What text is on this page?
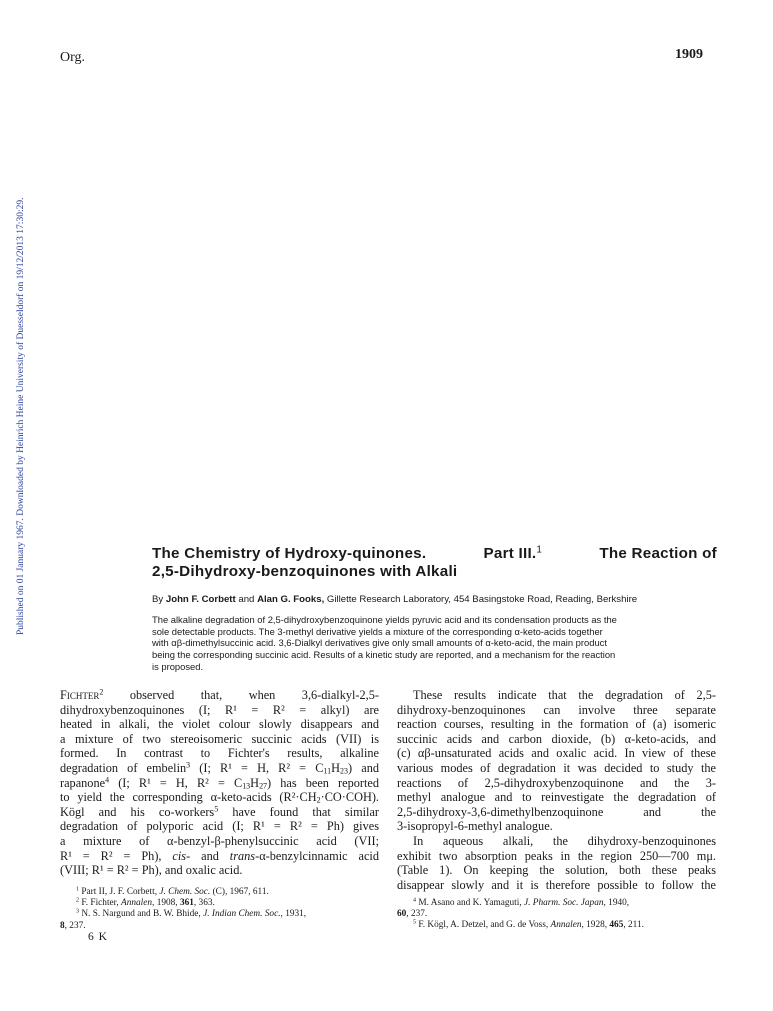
Org.	1909
Published on 01 January 1967. Downloaded by Heinrich Heine University of Duesseldorf on 19/12/2013 17:30:29.	The Chemistry of Hydroxy-quinones.	Part III.$^1$	The Reaction of
2,5-Dihydroxy-benzoquinones with Alkali
By John F. Corbett and Alan G. Fooks, Gillette Research Laboratory, 454 Basingstoke Road, Reading, Berkshire
The alkaline degradation of 2,5-dihydroxybenzoquinone yields pyruvic acid and its condensation products as the
sole detectable products. The 3-methyl derivative yields a mixture of the corresponding α-keto-acids together
with αβ-dimethylsuccinic acid. 3,6-Dialkyl derivatives give only small amounts of α-keto-acid, the main product
being the corresponding succinic acid. Results of a kinetic study are reported, and a mechanism for the reaction
is proposed.
Fichter$^2$ observed that, when 3,6-dialkyl-2,5-
dihydroxybenzoquinones (I; R¹ = R² = alkyl) are
heated in alkali, the violet colour slowly disappears and
a mixture of two stereoisomeric succinic acids (VII) is
formed. In contrast to Fichter's results, alkaline
degradation of embelin$^3$ (I; R¹ = H, $R^2 = C_{11}H_{23}$) and
rapanone$^4$ (I; R¹ = H, $R^2 = C_{13}H_{27}$) has been reported
to yield the corresponding α-keto-acids $(R^2\cdot CH_2\cdot CO\cdot COH)$.
Kögl and his co-workers$^5$ have found that similar
degradation of polyporic acid (I; R¹ = R² = Ph) gives
a mixture of α-benzyl-β-phenylsuccinic acid (VII;
R¹ = R² = Ph), cis- and trans-α-benzylcinnamic acid
(VIII; R¹ = R² = Ph), and oxalic acid.
$^1$ Part II, J. F. Corbett, J. Chem. Soc. (C), 1967, 611.
$^2$ F. Fichter, Annalen, 1908, 361, 363.
$^3$ N. S. Nargund and B. W. Bhide, J. Indian Chem. Soc., 1931,
8, 237.
6 K
These results indicate that the degradation of 2,5-
dihydroxy-benzoquinones can involve three separate
reaction courses, resulting in the formation of (a) isomeric
succinic acids and carbon dioxide, (b) α-keto-acids, and
(c) αβ-unsaturated acids and oxalic acid. In view of these
various modes of degradation it was decided to study the
reactions of 2,5-dihydroxybenzoquinone and the 3-
methyl analogue and to reinvestigate the degradation of
2,5-dihydroxy-3,6-dimethylbenzoquinone and the
3-isopropyl-6-methyl analogue.
In aqueous alkali, the dihydroxy-benzoquinones
exhibit two absorption peaks in the region 250—700 mμ.
(Table 1). On keeping the solution, both these peaks
disappear slowly and it is therefore possible to follow the
$^4$ M. Asano and K. Yamaguti, J. Pharm. Soc. Japan, 1940,
60, 237.
$^5$ F. Kögl, A. Detzel, and G. de Voss, Annalen, 1928, 465, 211.
